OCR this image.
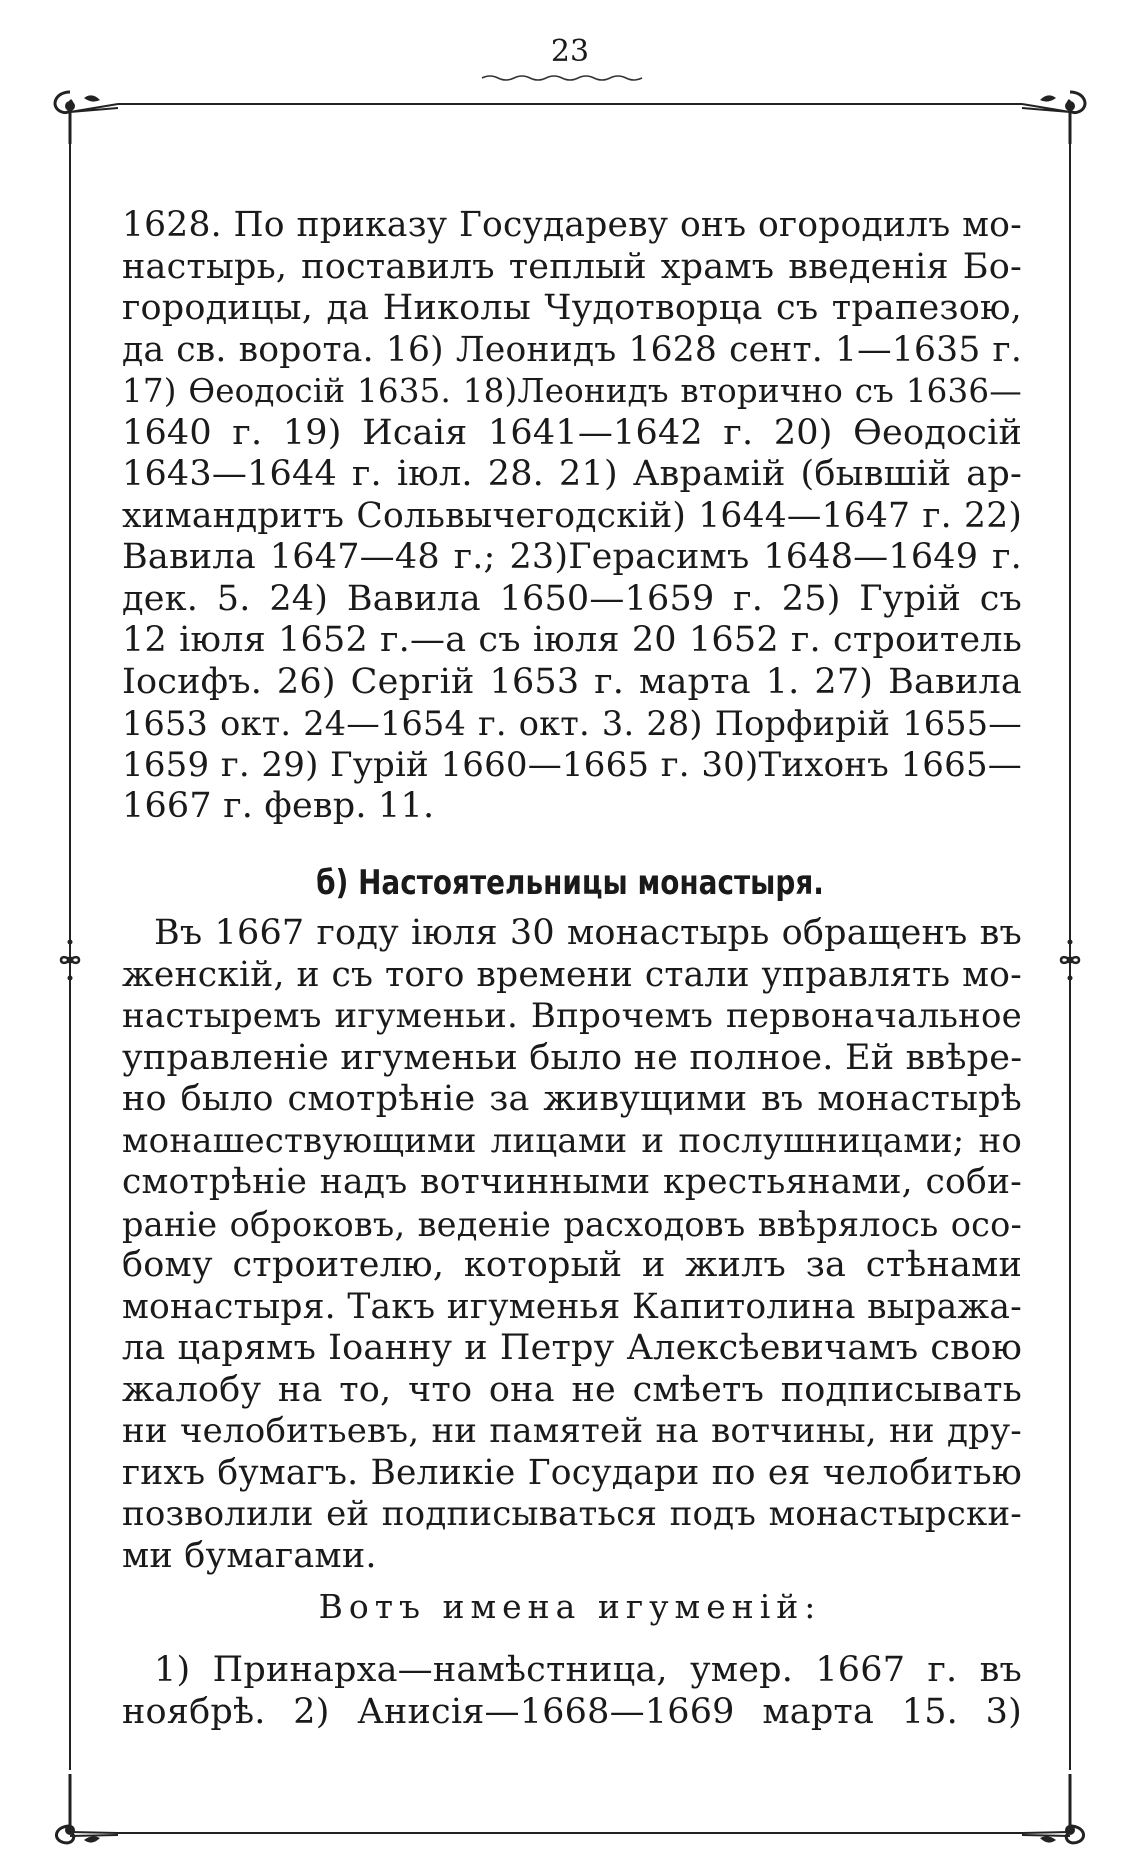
23
1628. По приказу Государеву онъ огородилъ мо-
настырь, поставилъ теплый храмъ введенія Бо-
городицы, да Николы Чудотворца съ трапезою,
да св. ворота. 16) Леонидъ 1628 сент. 1—1635 г.
17) Өеодосій 1635. 18)Леонидъ вторично съ 1636—
1640 г. 19) Исаія 1641—1642 г. 20) Өеодосій
1643—1644 г. іюл. 28. 21) Аврамій (бывшій ар-
химандритъ Сольвычегодскій) 1644—1647 г. 22)
Вавила 1647—48 г.; 23)Герасимъ 1648—1649 г.
дек. 5. 24) Вавила 1650—1659 г. 25) Гурій съ
12 іюля 1652 г.—а съ іюля 20 1652 г. строитель
Іосифъ. 26) Сергій 1653 г. марта 1. 27) Вавила
1653 окт. 24—1654 г. окт. 3. 28) Порфирій 1655—
1659 г. 29) Гурій 1660—1665 г. 30)Тихонъ 1665—
1667 г. февр. 11.
б) Настоятельницы монастыря.
Въ 1667 году іюля 30 монастырь обращенъ въ
женскій, и съ того времени стали управлять мо-
настыремъ игуменьи. Впрочемъ первоначальное
управленіе игуменьи было не полное. Ей ввѣре-
но было смотрѣніе за живущими въ монастырѣ
монашествующими лицами и послушницами; но
смотрѣніе надъ вотчинными крестьянами, соби-
раніе оброковъ, веденіе расходовъ ввѣрялось осо-
бому строителю, который и жилъ за стѣнами
монастыря. Такъ игуменья Капитолина выража-
ла царямъ Іоанну и Петру Алексѣевичамъ свою
жалобу на то, что она не смѣетъ подписывать
ни челобитьевъ, ни памятей на вотчины, ни дру-
гихъ бумагъ. Великіе Государи по ея челобитью
позволили ей подписываться подъ монастырски-
ми бумагами.
Вотъ имена игуменій:
1) Принарха—намѣстница, умер. 1667 г. въ
ноябрѣ. 2) Анисія—1668—1669 марта 15. 3)
